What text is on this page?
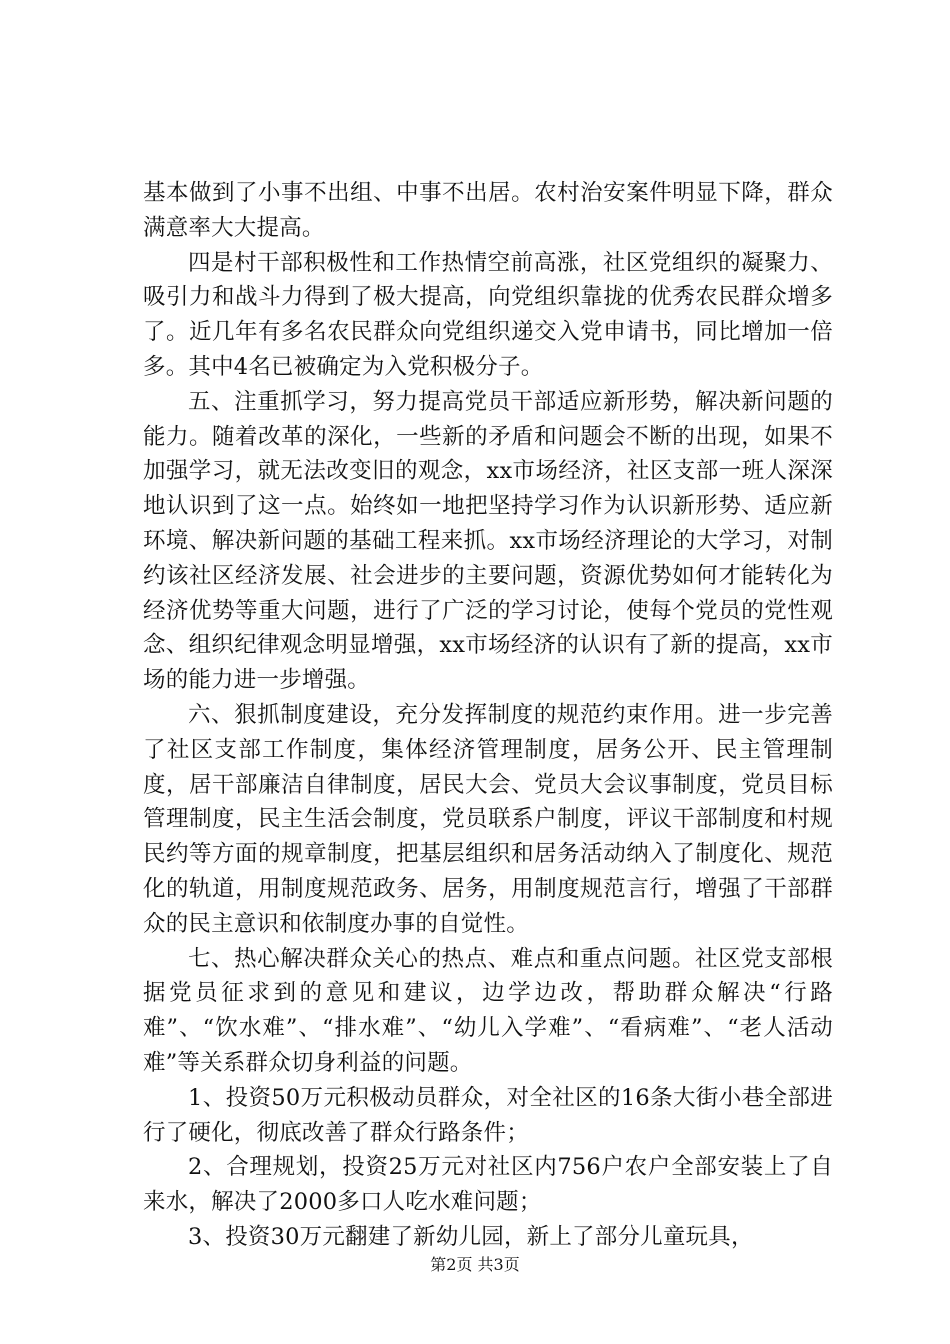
基本做到了小事不出组、中事不出居。农村治安案件明显下降，群众满意率大大提高。

四是村干部积极性和工作热情空前高涨，社区党组织的凝聚力、吸引力和战斗力得到了极大提高，向党组织靠拢的优秀农民群众增多了。近几年有多名农民群众向党组织递交入党申请书，同比增加一倍多。其中4名已被确定为入党积极分子。

五、注重抓学习，努力提高党员干部适应新形势，解决新问题的能力。随着改革的深化，一些新的矛盾和问题会不断的出现，如果不加强学习，就无法改变旧的观念，xx市场经济，社区支部一班人深深地认识到了这一点。始终如一地把坚持学习作为认识新形势、适应新环境、解决新问题的基础工程来抓。xx市场经济理论的大学习，对制约该社区经济发展、社会进步的主要问题，资源优势如何才能转化为经济优势等重大问题，进行了广泛的学习讨论，使每个党员的党性观念、组织纪律观念明显增强，xx市场经济的认识有了新的提高，xx市场的能力进一步增强。

六、狠抓制度建设，充分发挥制度的规范约束作用。进一步完善了社区支部工作制度，集体经济管理制度，居务公开、民主管理制度，居干部廉洁自律制度，居民大会、党员大会议事制度，党员目标管理制度，民主生活会制度，党员联系户制度，评议干部制度和村规民约等方面的规章制度，把基层组织和居务活动纳入了制度化、规范化的轨道，用制度规范政务、居务，用制度规范言行，增强了干部群众的民主意识和依制度办事的自觉性。

七、热心解决群众关心的热点、难点和重点问题。社区党支部根据党员征求到的意见和建议，边学边改，帮助群众解决“行路难”、“饮水难”、“排水难”、“幼儿入学难”、“看病难”、“老人活动难”等关系群众切身利益的问题。

1、投资50万元积极动员群众，对全社区的16条大街小巷全部进行了硬化，彻底改善了群众行路条件；

2、合理规划，投资25万元对社区内756户农户全部安装上了自来水，解决了2000多口人吃水难问题；

3、投资30万元翻建了新幼儿园，新上了部分儿童玩具，

第2页 共3页
